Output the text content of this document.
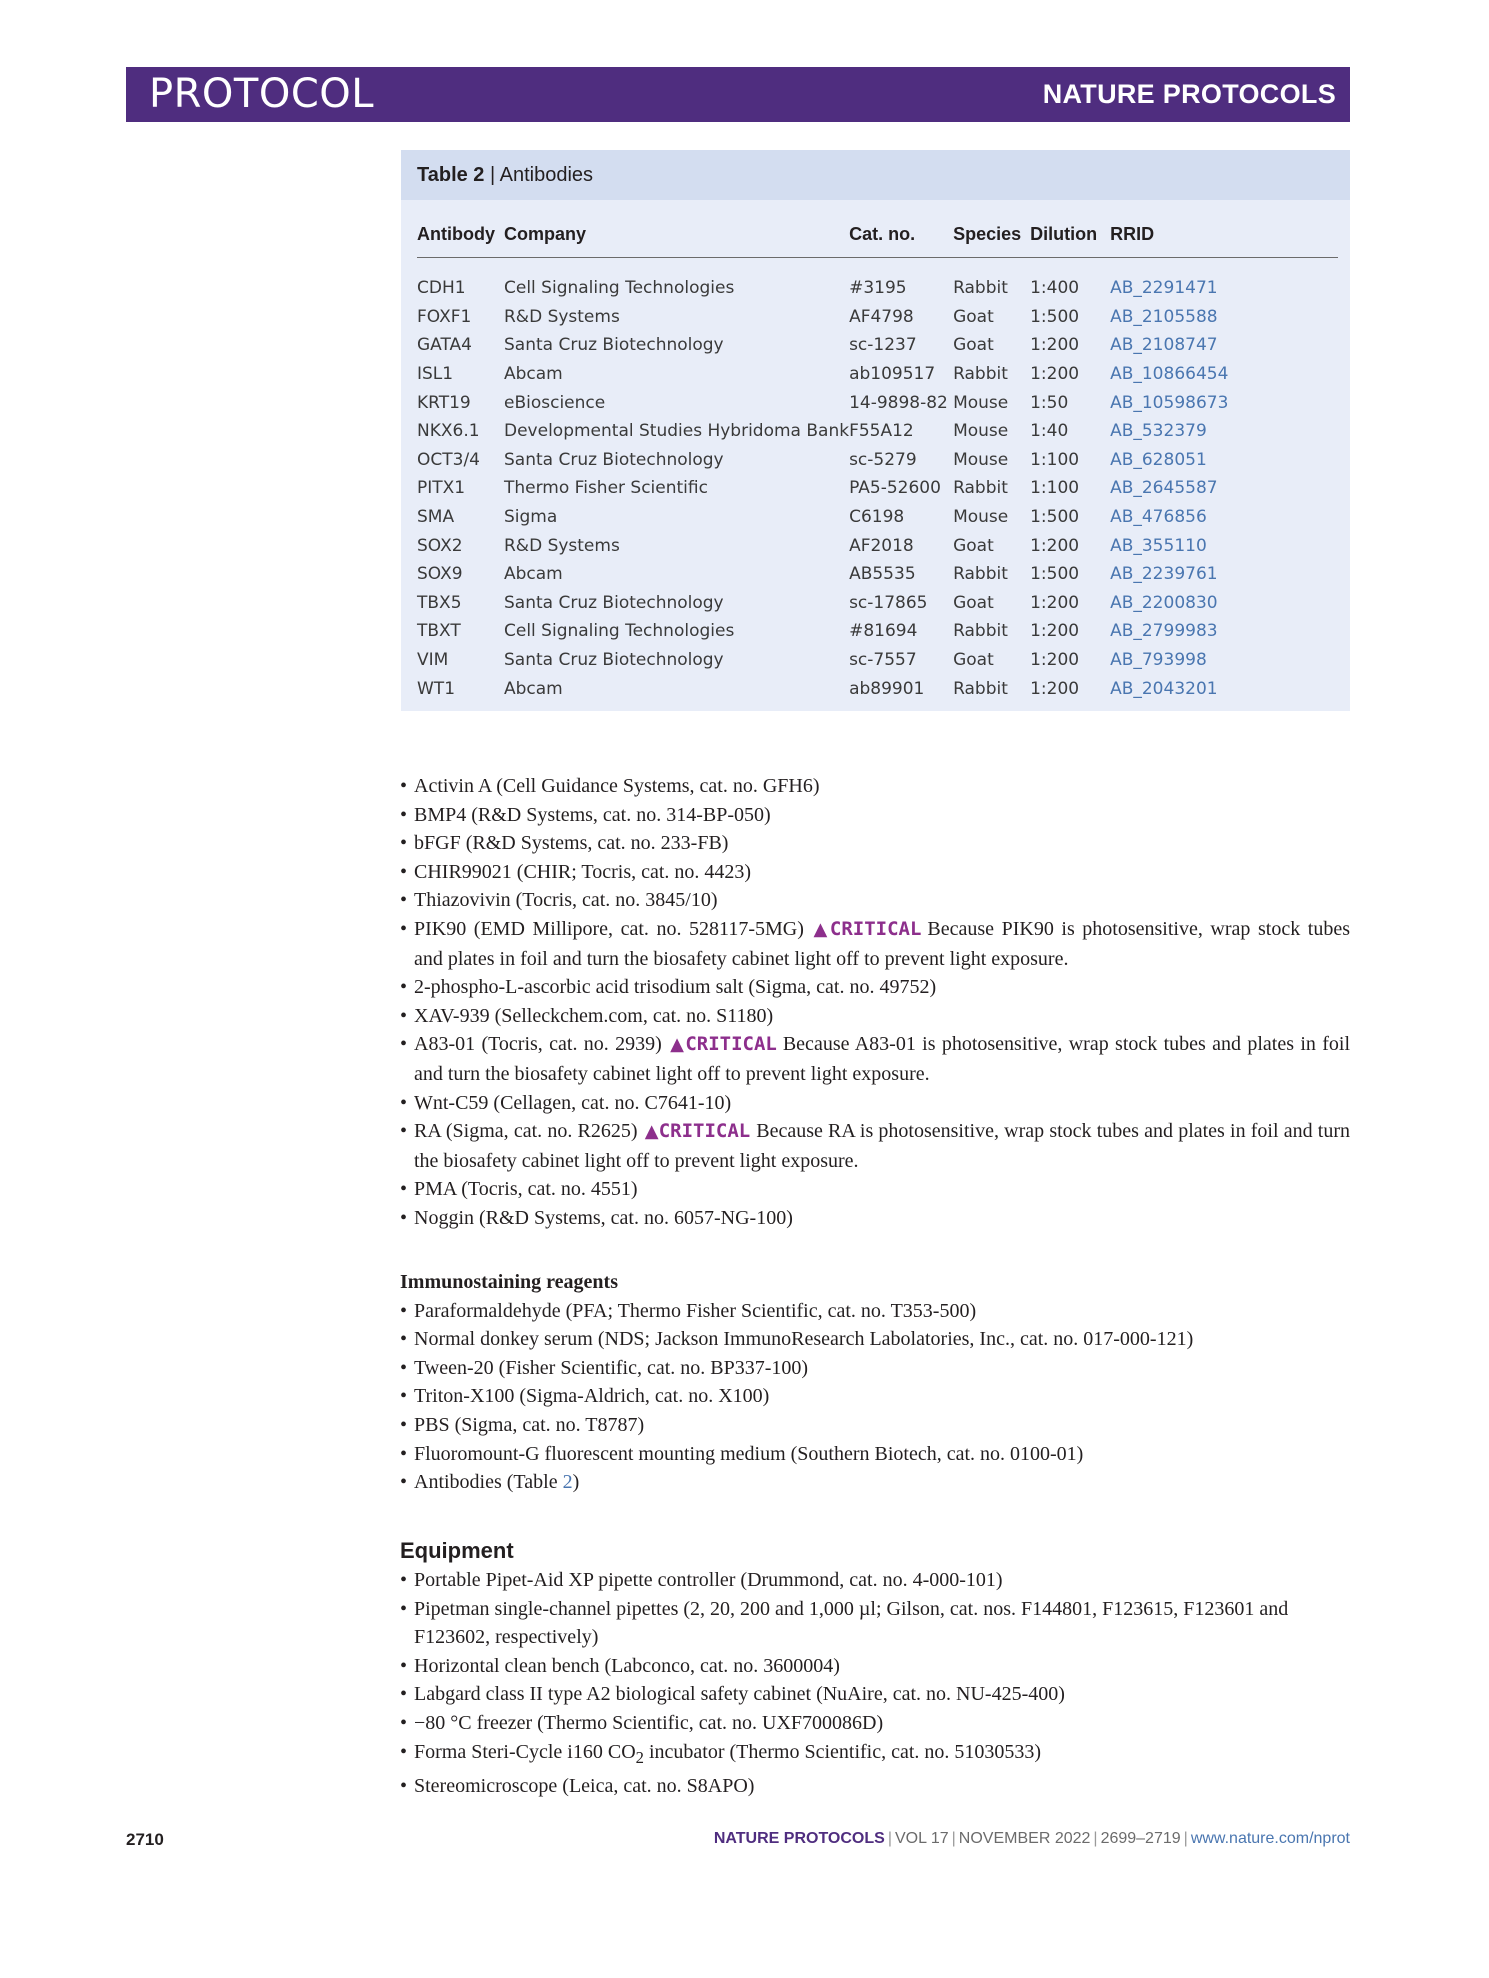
PROTOCOL	NATURE PROTOCOLS
Table 2 | Antibodies
Antibody	Company	Cat. no.	Species	Dilution	RRID

CDH1	Cell Signaling Technologies	#3195	Rabbit	1:400	AB_2291471
FOXF1	R&D Systems	AF4798	Goat	1:500	AB_2105588
GATA4	Santa Cruz Biotechnology	sc-1237	Goat	1:200	AB_2108747
ISL1	Abcam	ab109517	Rabbit	1:200	AB_10866454
KRT19	eBioscience	14-9898-82	Mouse	1:50	AB_10598673
NKX6.1	Developmental Studies Hybridoma Bank	F55A12	Mouse	1:40	AB_532379
OCT3/4	Santa Cruz Biotechnology	sc-5279	Mouse	1:100	AB_628051
PITX1	Thermo Fisher Scientific	PA5-52600	Rabbit	1:100	AB_2645587
SMA	Sigma	C6198	Mouse	1:500	AB_476856
SOX2	R&D Systems	AF2018	Goat	1:200	AB_355110
SOX9	Abcam	AB5535	Rabbit	1:500	AB_2239761
TBX5	Santa Cruz Biotechnology	sc-17865	Goat	1:200	AB_2200830
TBXT	Cell Signaling Technologies	#81694	Rabbit	1:200	AB_2799983
VIM	Santa Cruz Biotechnology	sc-7557	Goat	1:200	AB_793998
WT1	Abcam	ab89901	Rabbit	1:200	AB_2043201
• Activin A (Cell Guidance Systems, cat. no. GFH6)
• BMP4 (R&D Systems, cat. no. 314-BP-050)
• bFGF (R&D Systems, cat. no. 233-FB)
• CHIR99021 (CHIR; Tocris, cat. no. 4423)
• Thiazovivin (Tocris, cat. no. 3845/10)
• PIK90 (EMD Millipore, cat. no. 528117-5MG) ▲CRITICAL Because PIK90 is photosensitive, wrap stock tubes and plates in foil and turn the biosafety cabinet light off to prevent light exposure.
• 2-phospho-L-ascorbic acid trisodium salt (Sigma, cat. no. 49752)
• XAV-939 (Selleckchem.com, cat. no. S1180)
• A83-01 (Tocris, cat. no. 2939) ▲CRITICAL Because A83-01 is photosensitive, wrap stock tubes and plates in foil and turn the biosafety cabinet light off to prevent light exposure.
• Wnt-C59 (Cellagen, cat. no. C7641-10)
• RA (Sigma, cat. no. R2625) ▲CRITICAL Because RA is photosensitive, wrap stock tubes and plates in foil and turn the biosafety cabinet light off to prevent light exposure.
• PMA (Tocris, cat. no. 4551)
• Noggin (R&D Systems, cat. no. 6057-NG-100)
Immunostaining reagents
• Paraformaldehyde (PFA; Thermo Fisher Scientific, cat. no. T353-500)
• Normal donkey serum (NDS; Jackson ImmunoResearch Labolatories, Inc., cat. no. 017-000-121)
• Tween-20 (Fisher Scientific, cat. no. BP337-100)
• Triton-X100 (Sigma-Aldrich, cat. no. X100)
• PBS (Sigma, cat. no. T8787)
• Fluoromount-G fluorescent mounting medium (Southern Biotech, cat. no. 0100-01)
• Antibodies (Table 2)
Equipment
• Portable Pipet-Aid XP pipette controller (Drummond, cat. no. 4-000-101)
• Pipetman single-channel pipettes (2, 20, 200 and 1,000 µl; Gilson, cat. nos. F144801, F123615, F123601 and F123602, respectively)
• Horizontal clean bench (Labconco, cat. no. 3600004)
• Labgard class II type A2 biological safety cabinet (NuAire, cat. no. NU-425-400)
• −80 °C freezer (Thermo Scientific, cat. no. UXF700086D)
• Forma Steri-Cycle i160 $CO_2$ incubator (Thermo Scientific, cat. no. 51030533)
• Stereomicroscope (Leica, cat. no. S8APO)
2710	NATURE PROTOCOLS | VOL 17 | NOVEMBER 2022 | 2699–2719 | www.nature.com/nprot
